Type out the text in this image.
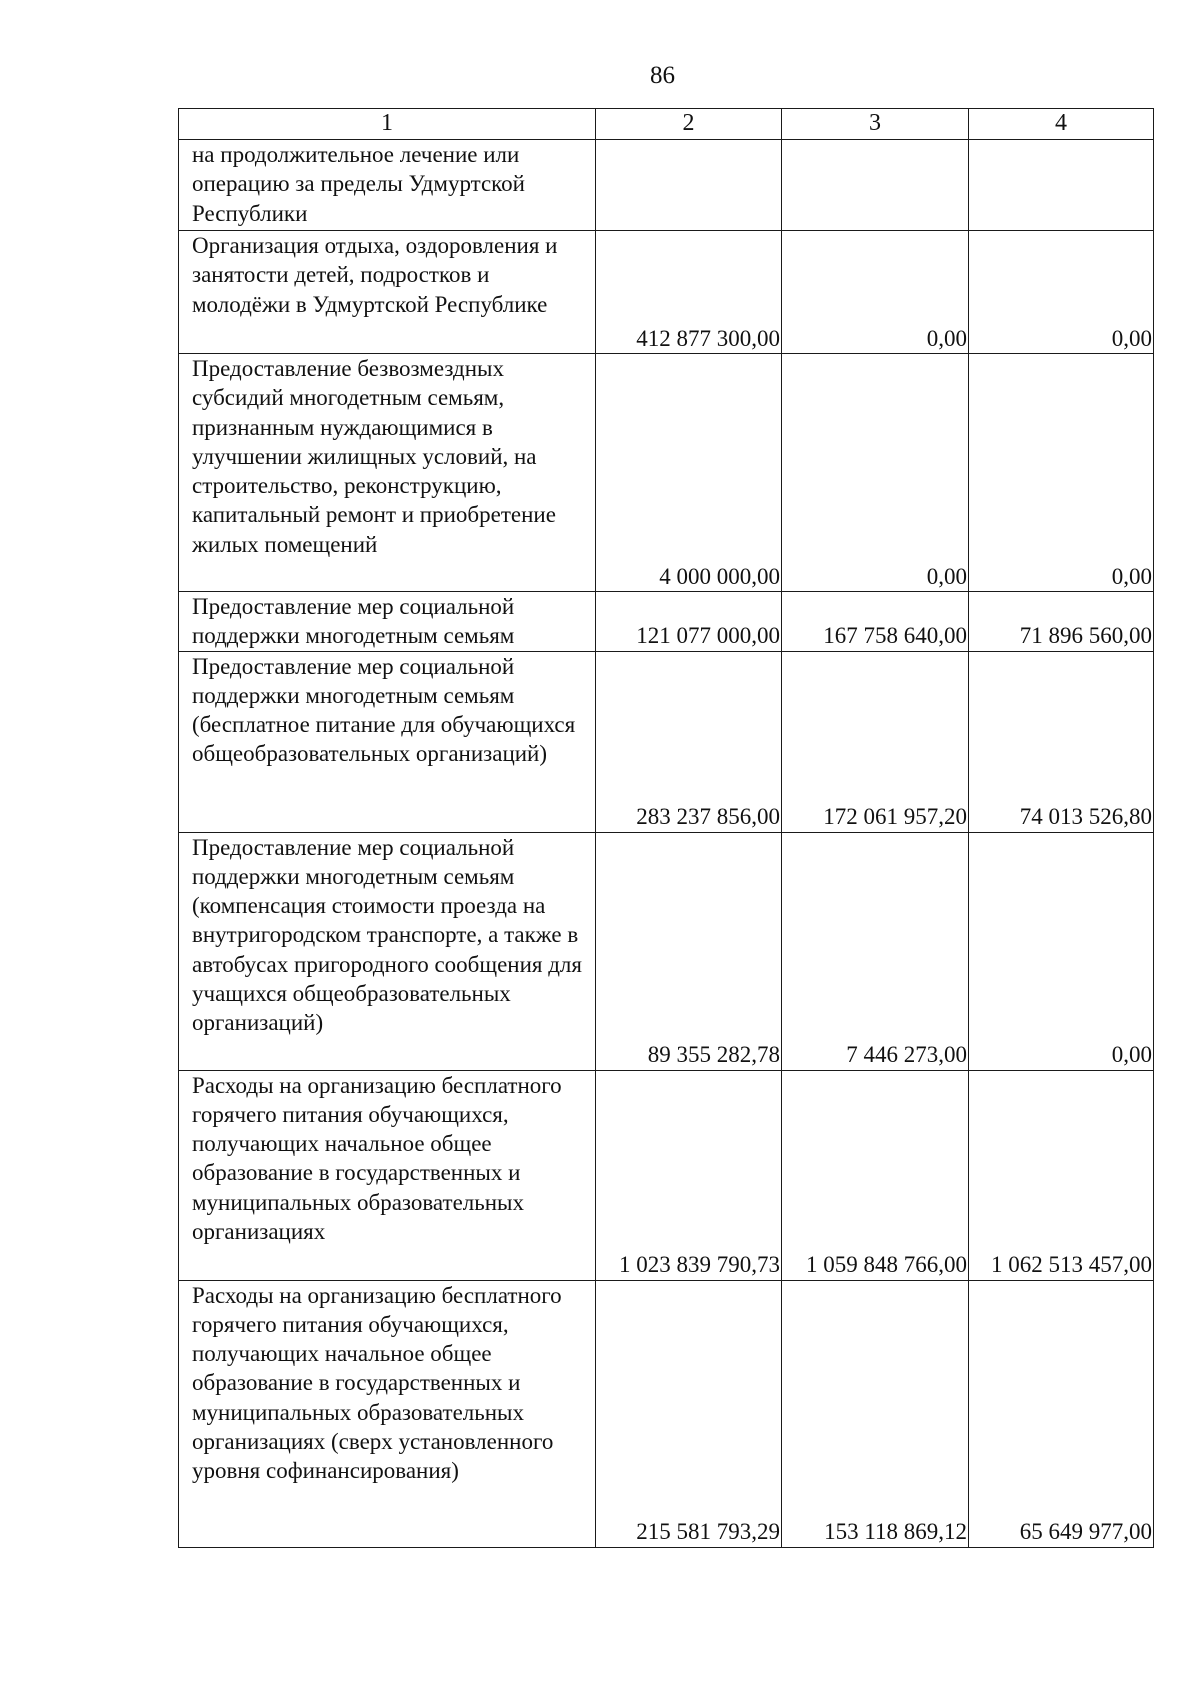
86
1	2	3	4
на продолжительное лечение или операцию за пределы Удмуртской Республики			
Организация отдыха, оздоровления и занятости детей, подростков и молодёжи в Удмуртской Республике	412 877 300,00	0,00	0,00
Предоставление безвозмездных субсидий многодетным семьям, признанным нуждающимися в улучшении жилищных условий, на строительство, реконструкцию, капитальный ремонт и приобретение жилых помещений	4 000 000,00	0,00	0,00
Предоставление мер социальной поддержки многодетным семьям	121 077 000,00	167 758 640,00	71 896 560,00
Предоставление мер социальной поддержки многодетным семьям (бесплатное питание для обучающихся общеобразовательных организаций)	283 237 856,00	172 061 957,20	74 013 526,80
Предоставление мер социальной поддержки многодетным семьям (компенсация стоимости проезда на внутригородском транспорте, а также в автобусах пригородного сообщения для учащихся общеобразовательных организаций)	89 355 282,78	7 446 273,00	0,00
Расходы на организацию бесплатного горячего питания обучающихся, получающих начальное общее образование в государственных и муниципальных образовательных организациях	1 023 839 790,73	1 059 848 766,00	1 062 513 457,00
Расходы на организацию бесплатного горячего питания обучающихся, получающих начальное общее образование в государственных и муниципальных образовательных организациях (сверх установленного уровня софинансирования)	215 581 793,29	153 118 869,12	65 649 977,00
